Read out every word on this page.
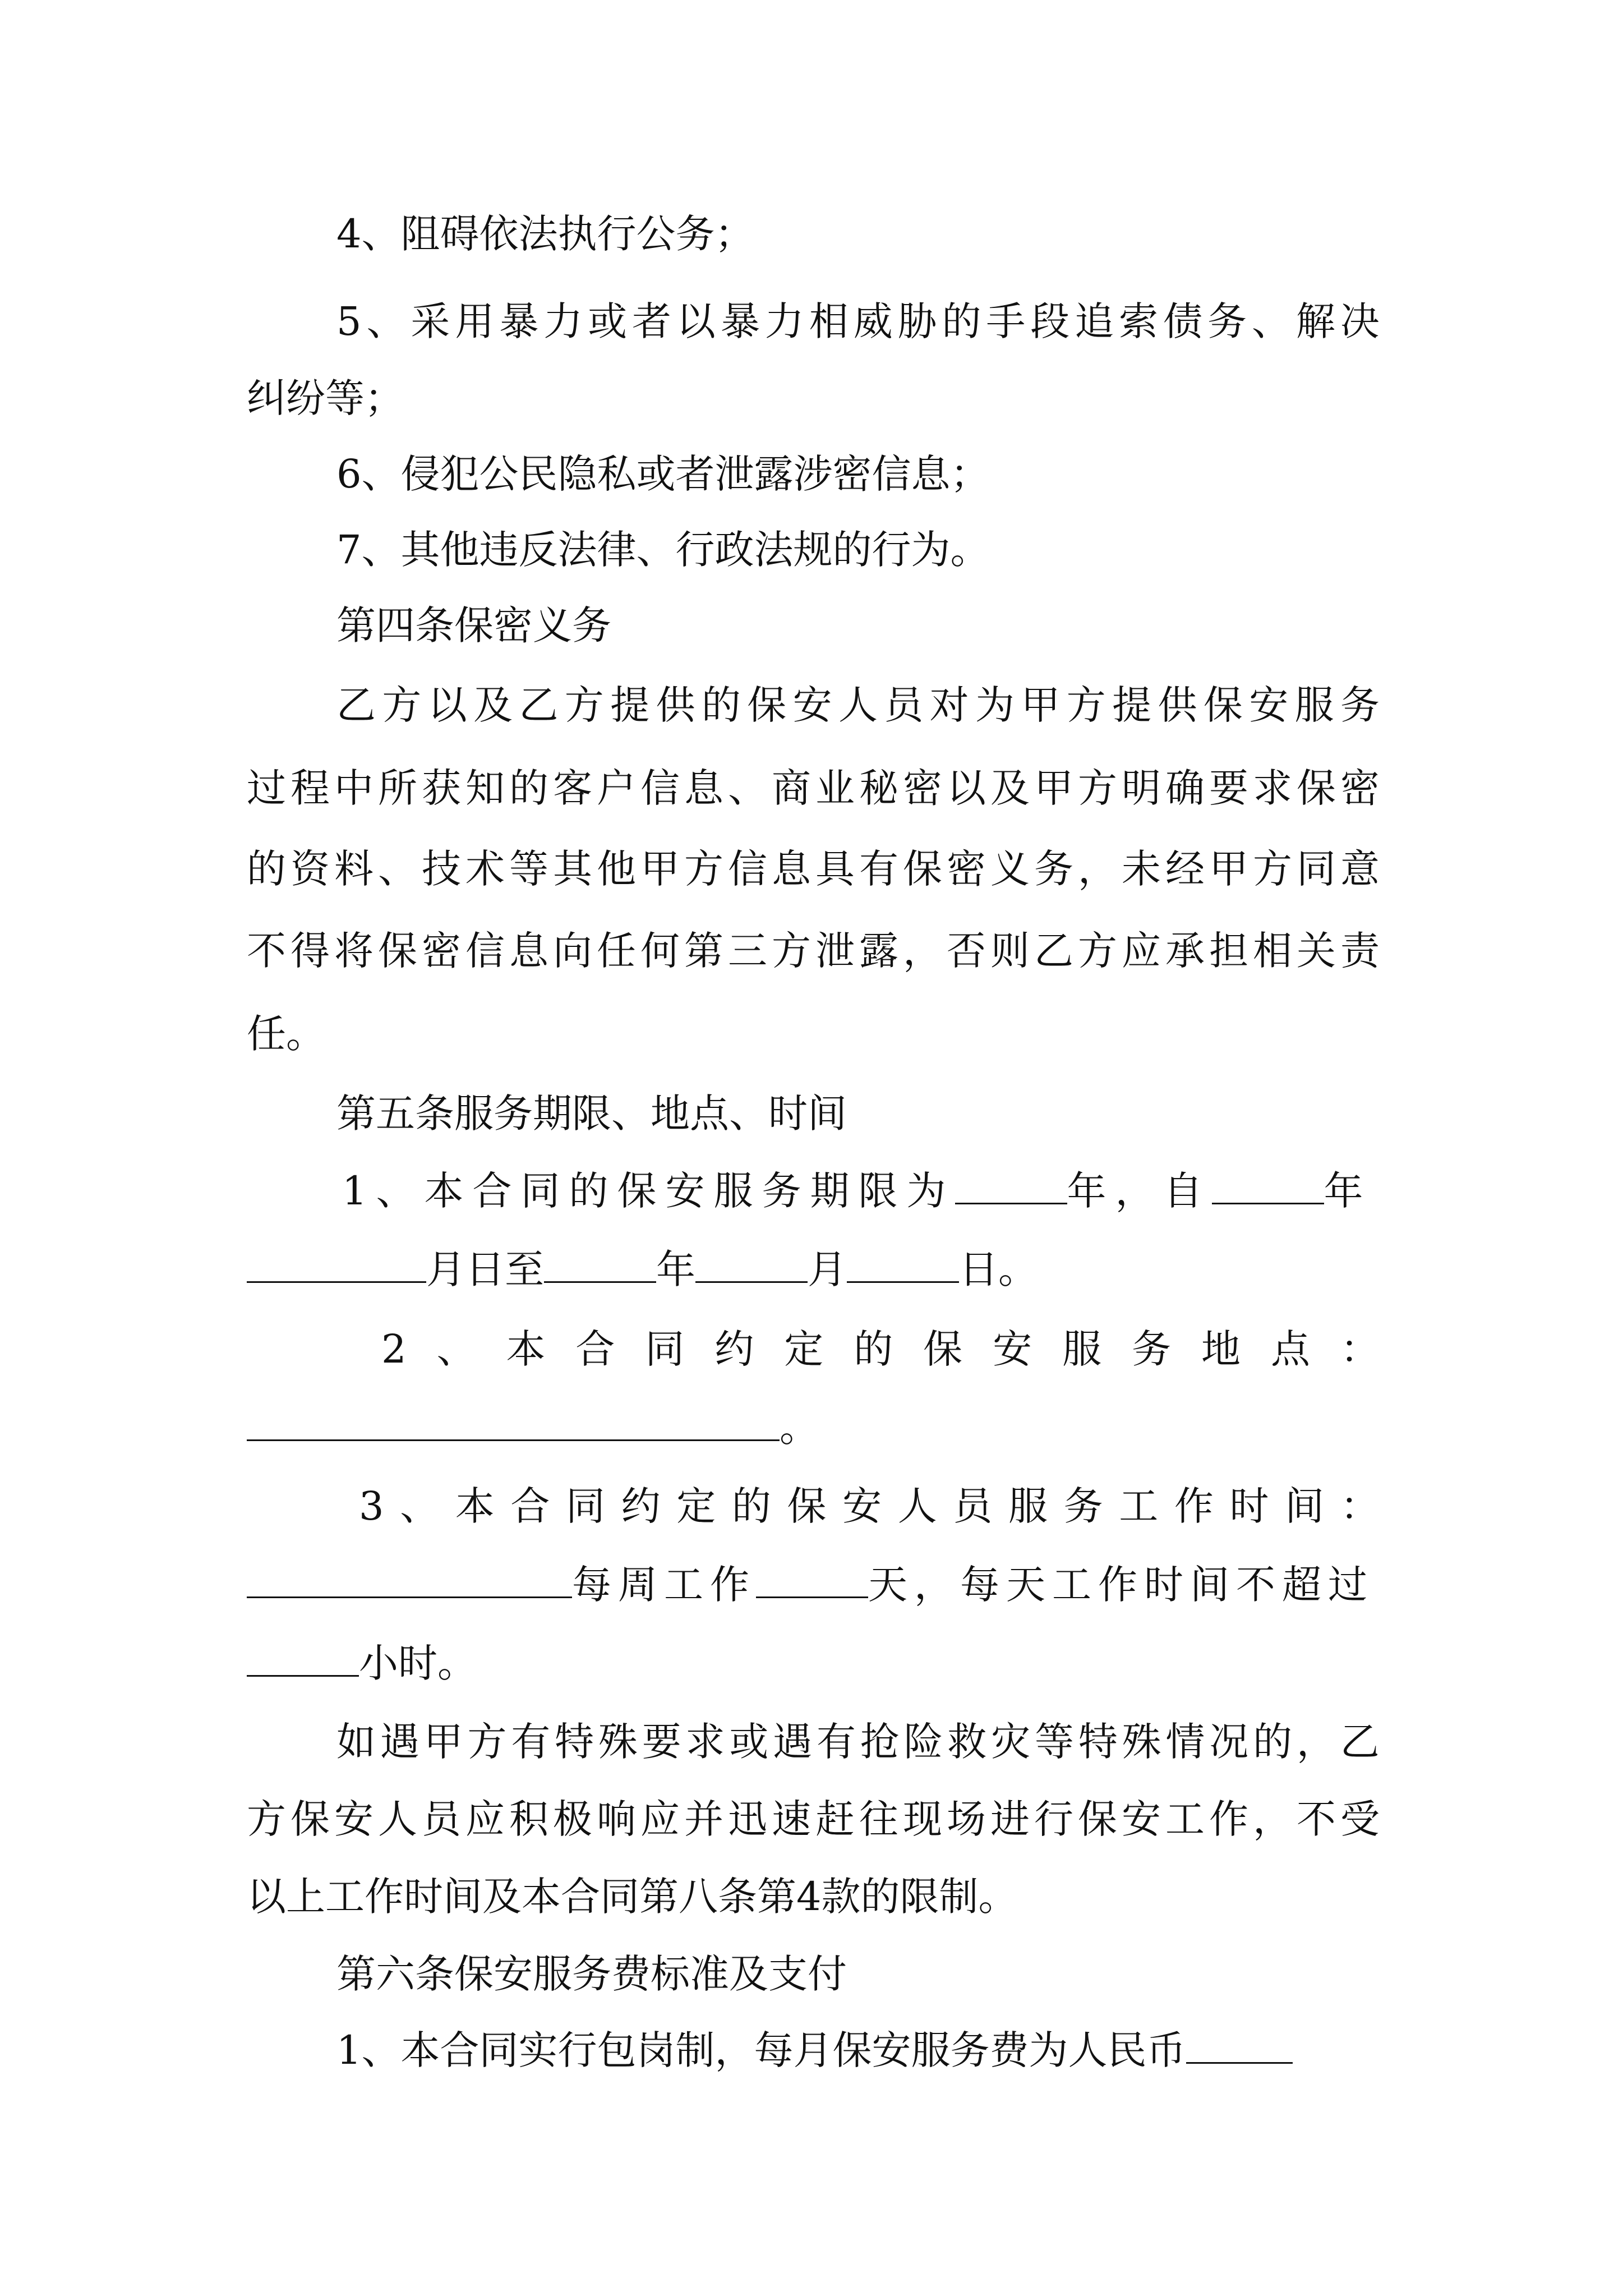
4、阻碍依法执行公务；
5 、 采 用 暴 力 或 者 以 暴 力 相 威 胁 的 手 段 追 索 债 务 、 解 决
纠纷等；
6、侵犯公民隐私或者泄露涉密信息；
7、其他违反法律、行政法规的行为。
第四条保密义务
乙 方 以 及 乙 方 提 供 的 保 安 人 员 对 为 甲 方 提 供 保 安 服 务
过 程 中 所 获 知 的 客 户 信 息 、 商 业 秘 密 以 及 甲 方 明 确 要 求 保 密
的 资 料 、 技 术 等 其 他 甲 方 信 息 具 有 保 密 义 务 ， 未 经 甲 方 同 意
不 得 将 保 密 信 息 向 任 何 第 三 方 泄 露 ， 否 则 乙 方 应 承 担 相 关 责
任。
第五条服务期限、地点、时间
1、本合同的保安服务期限为	年，自	年
月日至	年	月	日。
2 、 本 合 同 约 定 的 保 安 服 务 地 点 ：
。
3 、 本 合 同 约 定 的 保 安 人 员 服 务 工 作 时 间 ：
每周工作	天，每天工作时间不超过
小时。
如 遇 甲 方 有 特 殊 要 求 或 遇 有 抢 险 救 灾 等 特 殊 情 况 的 ， 乙
方 保 安 人 员 应 积 极 响 应 并 迅 速 赶 往 现 场 进 行 保 安 工 作 ， 不 受
以上工作时间及本合同第八条第4款的限制。
第六条保安服务费标准及支付
1、本合同实行包岗制，每月保安服务费为人民币
